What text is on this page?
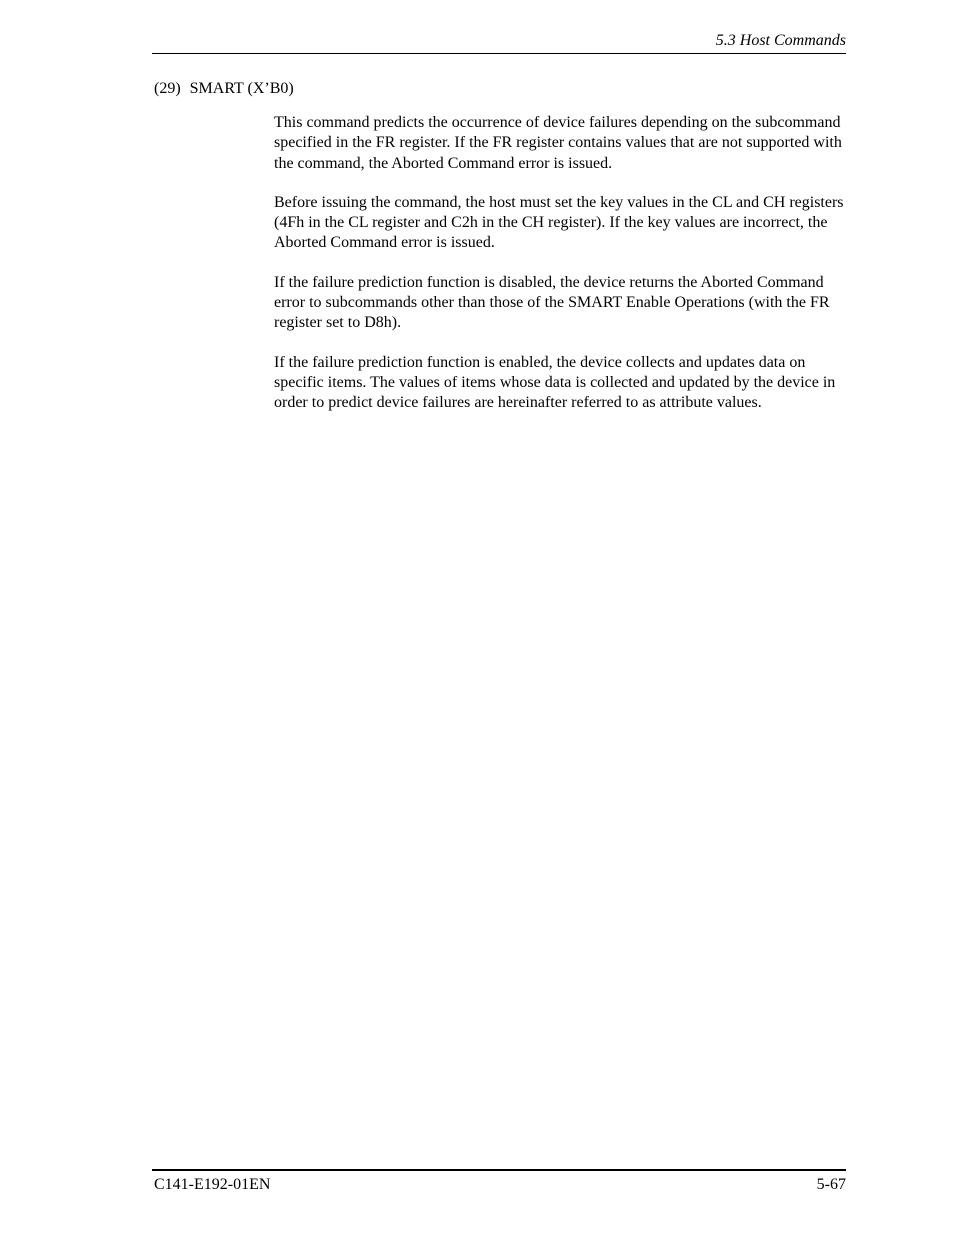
5.3 Host Commands
(29) SMART (X’B0)

This command predicts the occurrence of device failures depending on the subcommand specified in the FR register. If the FR register contains values that are not supported with the command, the Aborted Command error is issued.

Before issuing the command, the host must set the key values in the CL and CH registers (4Fh in the CL register and C2h in the CH register). If the key values are incorrect, the Aborted Command error is issued.

If the failure prediction function is disabled, the device returns the Aborted Command error to subcommands other than those of the SMART Enable Operations (with the FR register set to D8h).

If the failure prediction function is enabled, the device collects and updates data on specific items. The values of items whose data is collected and updated by the device in order to predict device failures are hereinafter referred to as attribute values.

C141-E192-01EN	5-67
